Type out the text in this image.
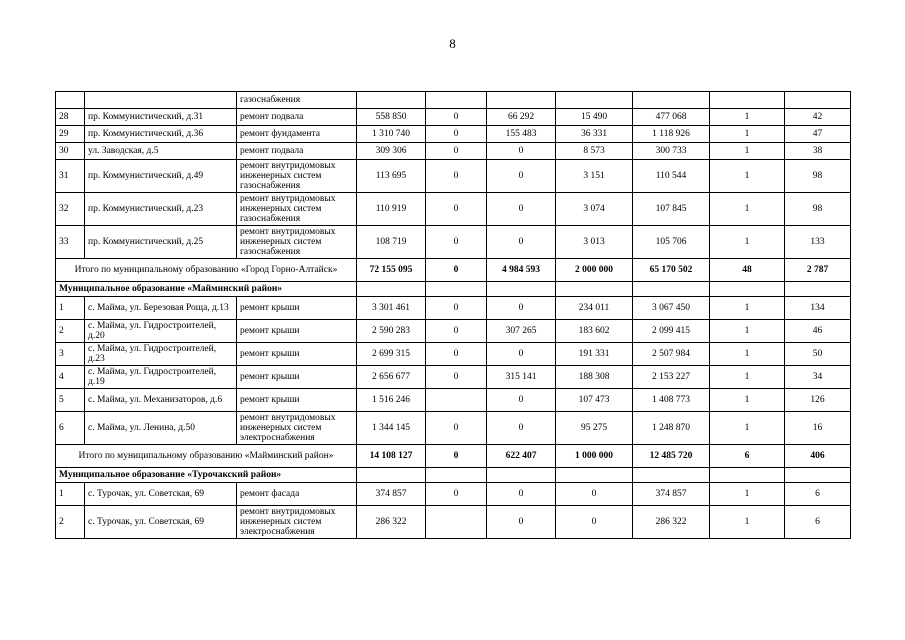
8
		газоснабжения							
28	пр. Коммунистический, д.31	ремонт подвала	558 850	0	66 292	15 490	477 068	1	42
29	пр. Коммунистический, д.36	ремонт фундамента	1 310 740	0	155 483	36 331	1 118 926	1	47
30	ул. Заводская, д.5	ремонт подвала	309 306	0	0	8 573	300 733	1	38
31	пр. Коммунистический, д.49	ремонт внутридомовых инженерных систем газоснабжения	113 695	0	0	3 151	110 544	1	98
32	пр. Коммунистический, д.23	ремонт внутридомовых инженерных систем газоснабжения	110 919	0	0	3 074	107 845	1	98
33	пр. Коммунистический, д.25	ремонт внутридомовых инженерных систем газоснабжения	108 719	0	0	3 013	105 706	1	133
Итого по муниципальному образованию «Город Горно-Алтайск»			72 155 095	0	4 984 593	2 000 000	65 170 502	48	2 787
Муниципальное образование «Майминский район»									
1	с. Майма, ул. Березовая Роща, д.13	ремонт крыши	3 301 461	0	0	234 011	3 067 450	1	134
2	с. Майма, ул. Гидростроителей, д.20	ремонт крыши	2 590 283	0	307 265	183 602	2 099 415	1	46
3	с. Майма, ул. Гидростроителей, д.23	ремонт крыши	2 699 315	0	0	191 331	2 507 984	1	50
4	с. Майма, ул. Гидростроителей, д.19	ремонт крыши	2 656 677	0	315 141	188 308	2 153 227	1	34
5	с. Майма, ул. Механизаторов, д.6	ремонт крыши	1 516 246		0	107 473	1 408 773	1	126
6	с. Майма, ул. Ленина, д.50	ремонт внутридомовых инженерных систем электроснабжения	1 344 145	0	0	95 275	1 248 870	1	16
Итого по муниципальному образованию «Майминский район»			14 108 127	0	622 407	1 000 000	12 485 720	6	406
Муниципальное образование «Турочакский район»									
1	с. Турочак, ул. Советская, 69	ремонт фасада	374 857	0	0	0	374 857	1	6
2	с. Турочак, ул. Советская, 69	ремонт внутридомовых инженерных систем электроснабжения	286 322		0	0	286 322	1	6
